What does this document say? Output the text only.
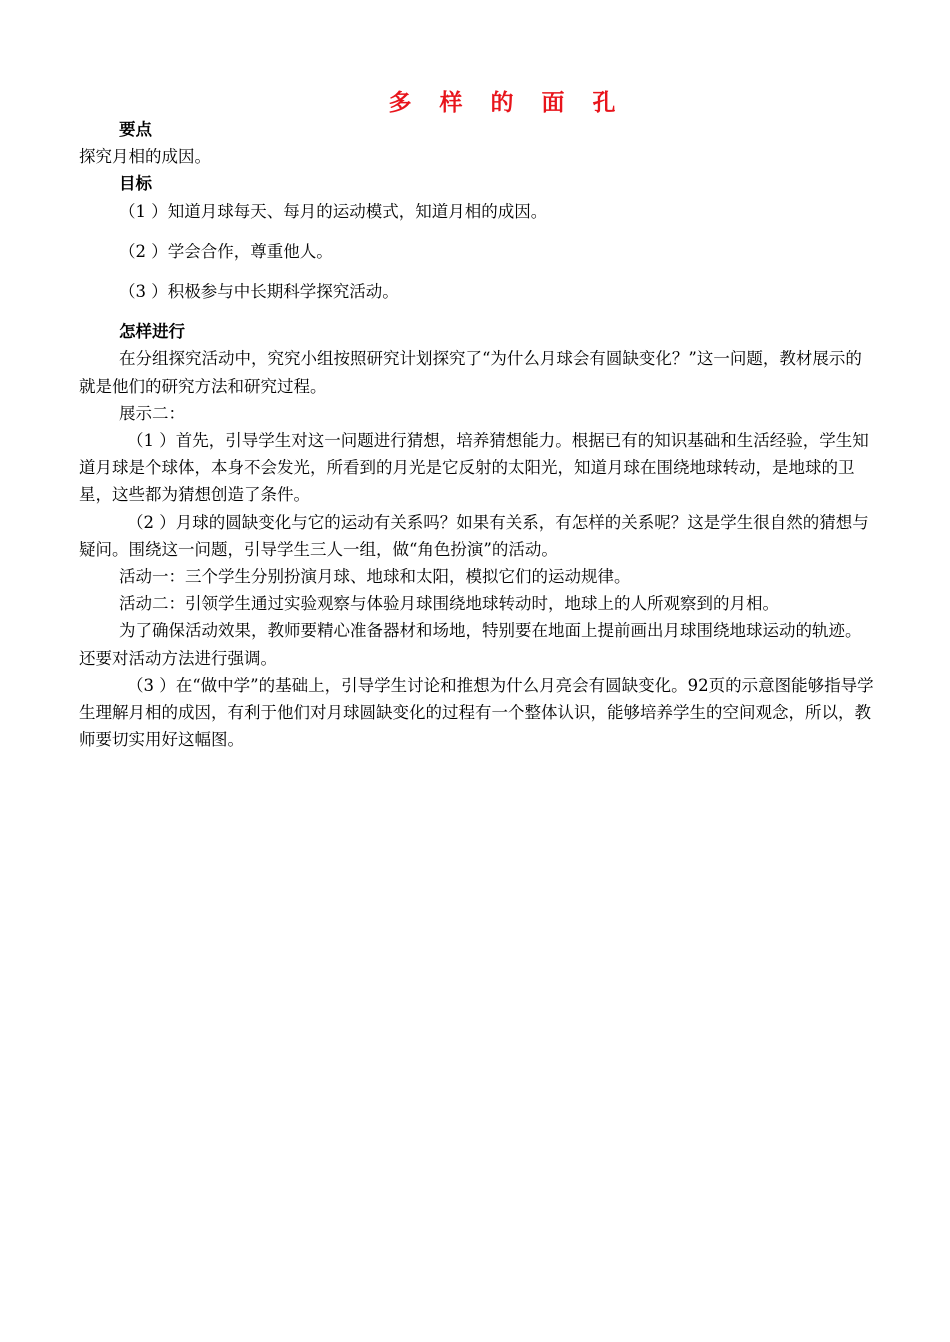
多 样 的 面 孔
要点

探究月相的成因。

目标

（1 ）知道月球每天、每月的运动模式，知道月相的成因。

（2 ）学会合作，尊重他人。

（3 ）积极参与中长期科学探究活动。

怎样进行

在分组探究活动中，究究小组按照研究计划探究了“为什么月球会有圆缺变化？”这一问题，教材展示的就是他们的研究方法和研究过程。

展示二：

（1 ）首先，引导学生对这一问题进行猜想，培养猜想能力。根据已有的知识基础和生活经验，学生知道月球是个球体，本身不会发光，所看到的月光是它反射的太阳光，知道月球在围绕地球转动，是地球的卫星，这些都为猜想创造了条件。

（2 ）月球的圆缺变化与它的运动有关系吗？如果有关系，有怎样的关系呢？这是学生很自然的猜想与疑问。围绕这一问题，引导学生三人一组，做“角色扮演”的活动。

活动一：三个学生分别扮演月球、地球和太阳，模拟它们的运动规律。

活动二：引领学生通过实验观察与体验月球围绕地球转动时，地球上的人所观察到的月相。

为了确保活动效果，教师要精心准备器材和场地，特别要在地面上提前画出月球围绕地球运动的轨迹。还要对活动方法进行强调。

（3 ）在“做中学”的基础上，引导学生讨论和推想为什么月亮会有圆缺变化。92页的示意图能够指导学生理解月相的成因，有利于他们对月球圆缺变化的过程有一个整体认识，能够培养学生的空间观念，所以，教师要切实用好这幅图。
